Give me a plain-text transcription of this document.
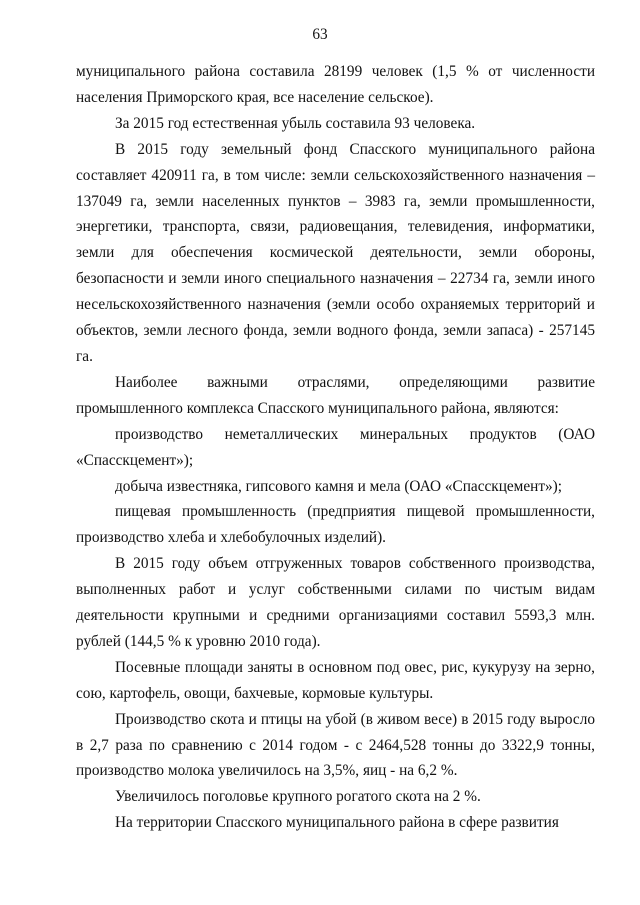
63

муниципального района составила 28199 человек (1,5 % от численности населения Приморского края, все население сельское).

За 2015 год естественная убыль составила 93 человека.

В 2015 году земельный фонд Спасского муниципального района составляет 420911 га, в том числе: земли сельскохозяйственного назначения – 137049 га, земли населенных пунктов – 3983 га, земли промышленности, энергетики, транспорта, связи, радиовещания, телевидения, информатики, земли для обеспечения космической деятельности, земли обороны, безопасности и земли иного специального назначения – 22734 га, земли иного несельскохозяйственного назначения (земли особо охраняемых территорий и объектов, земли лесного фонда, земли водного фонда, земли запаса) - 257145 га.

Наиболее важными отраслями, определяющими развитие промышленного комплекса Спасского муниципального района, являются:

производство неметаллических минеральных продуктов (ОАО «Спасскцемент»);

добыча известняка, гипсового камня и мела (ОАО «Спасскцемент»);

пищевая промышленность (предприятия пищевой промышленности, производство хлеба и хлебобулочных изделий).

В 2015 году объем отгруженных товаров собственного производства, выполненных работ и услуг собственными силами по чистым видам деятельности крупными и средними организациями составил 5593,3 млн. рублей (144,5 % к уровню 2010 года).

Посевные площади заняты в основном под овес, рис, кукурузу на зерно, сою, картофель, овощи, бахчевые, кормовые культуры.

Производство скота и птицы на убой (в живом весе) в 2015 году выросло в 2,7 раза по сравнению с 2014 годом - с 2464,528 тонны до 3322,9 тонны, производство молока увеличилось на 3,5%, яиц - на 6,2 %.

Увеличилось поголовье крупного рогатого скота на 2 %.

На территории Спасского муниципального района в сфере развития
